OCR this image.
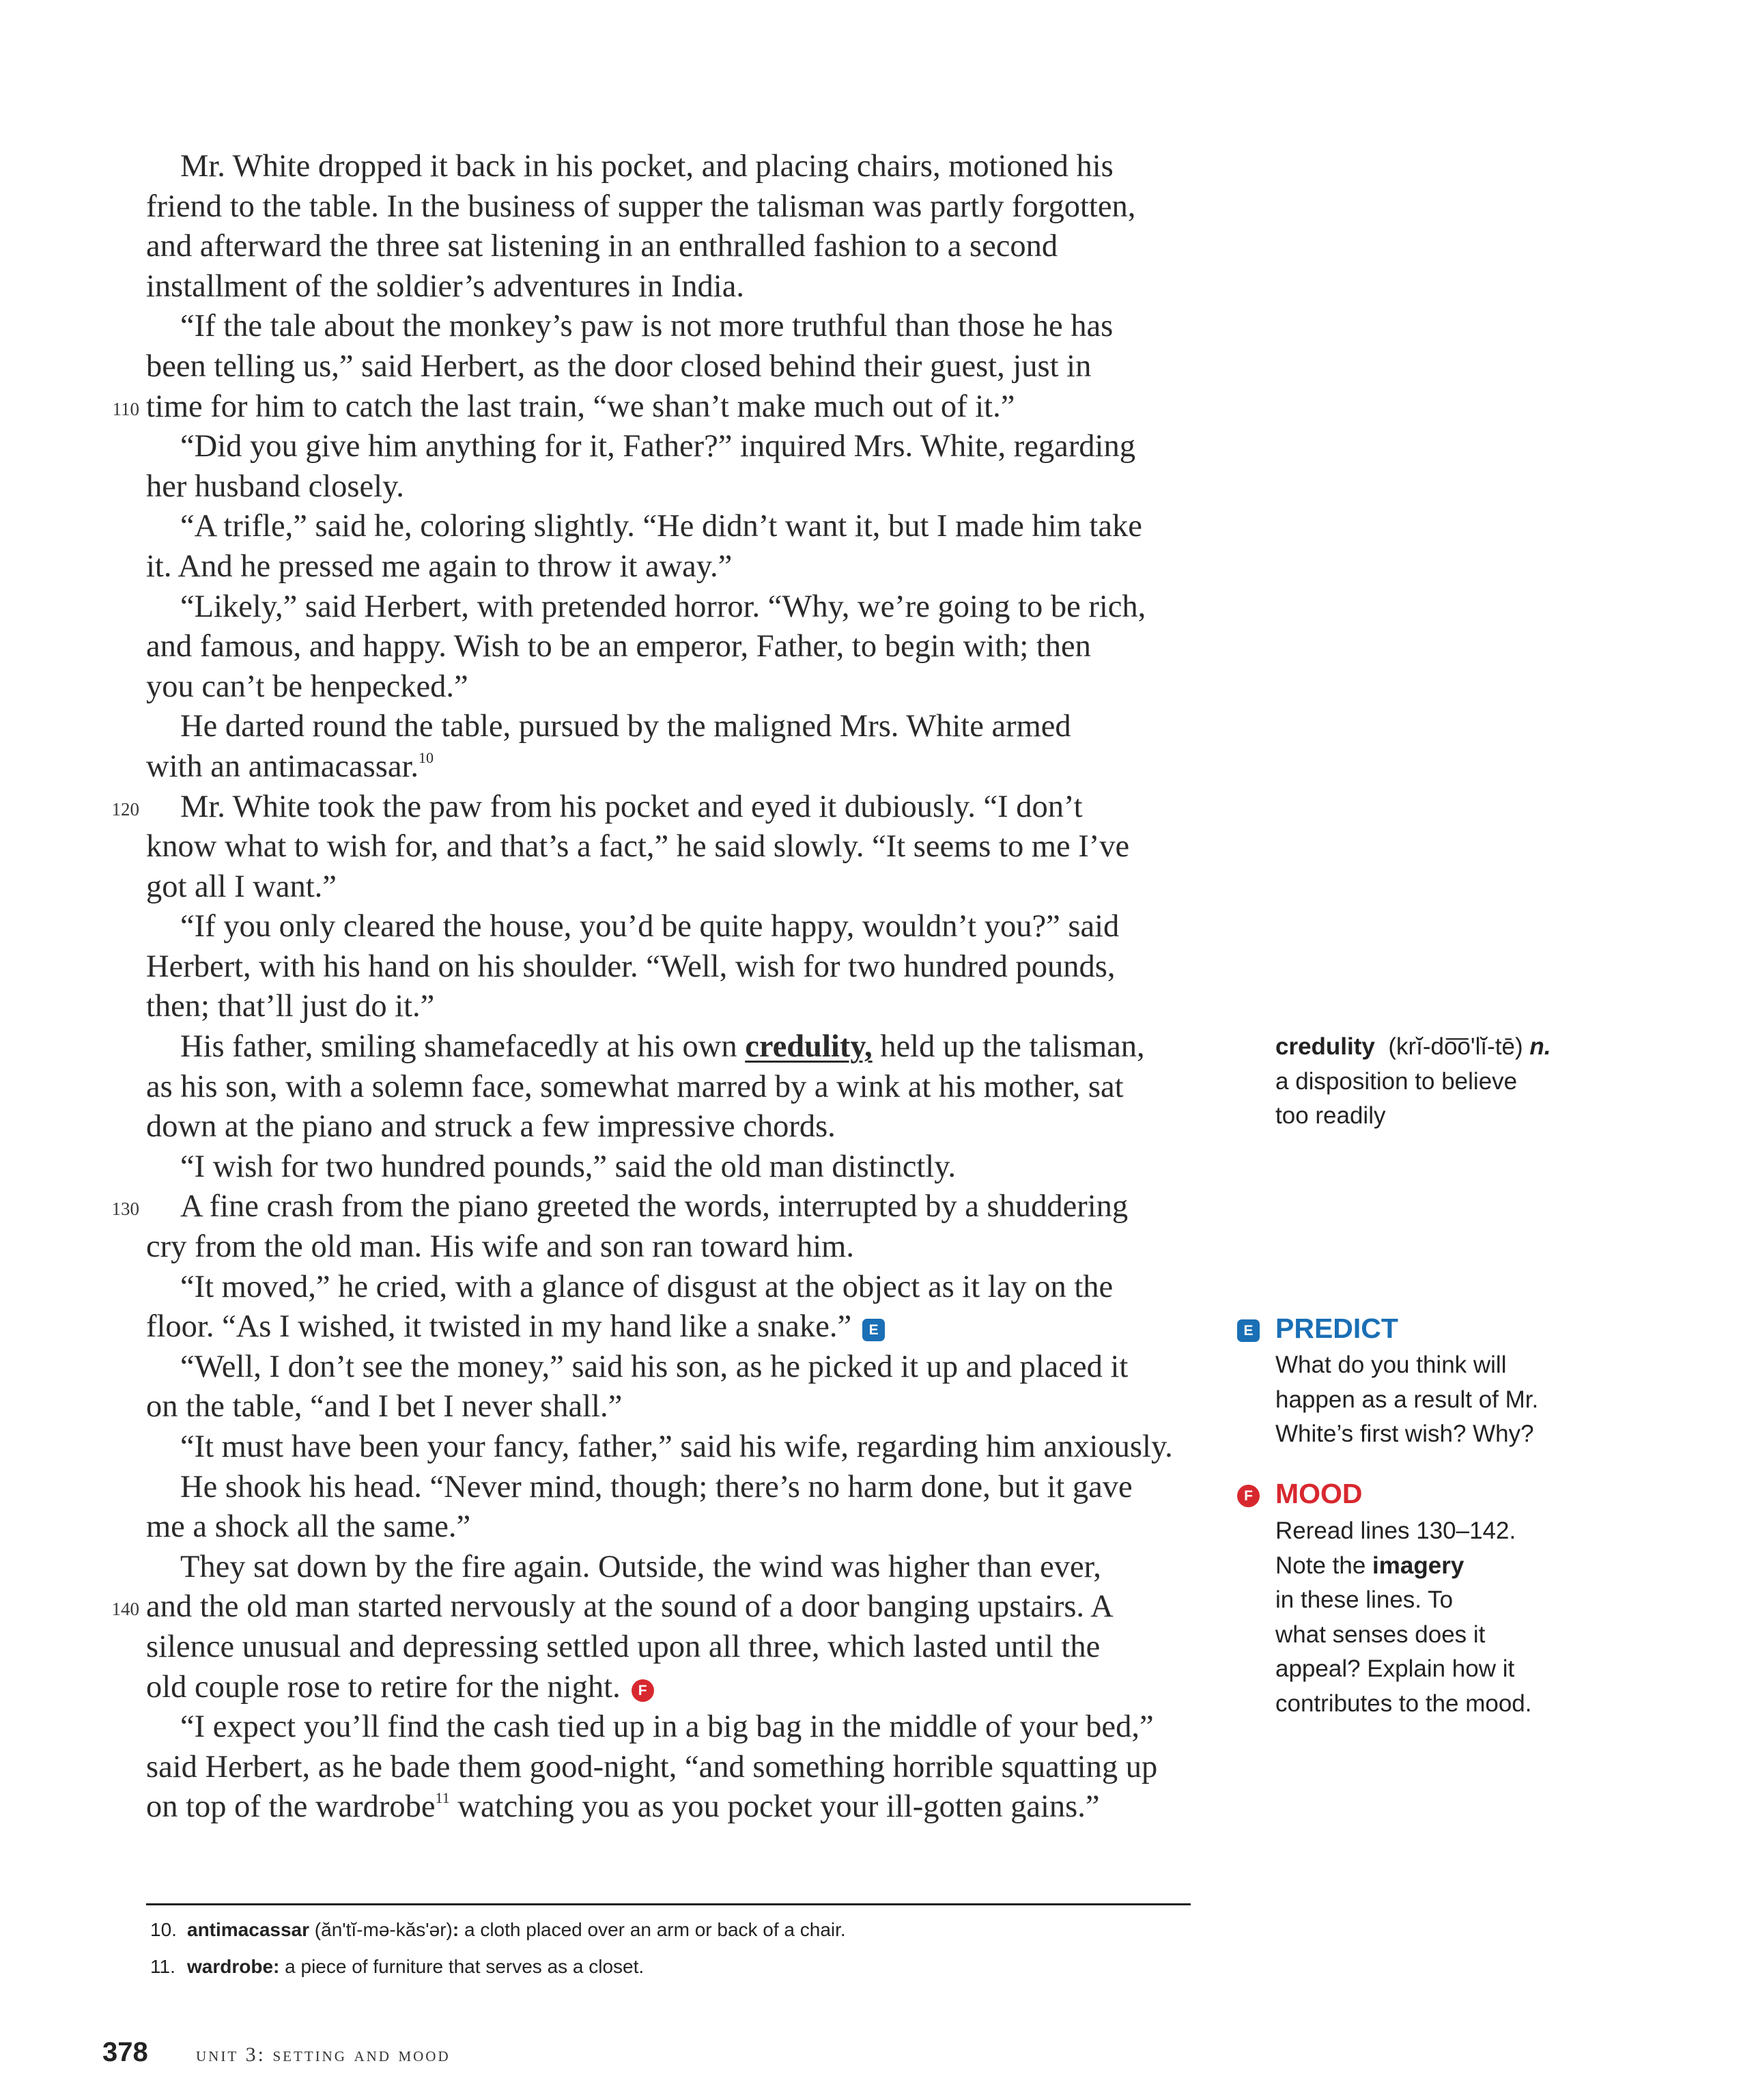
Mr. White dropped it back in his pocket, and placing chairs, motioned his
friend to the table. In the business of supper the talisman was partly forgotten,
and afterward the three sat listening in an enthralled fashion to a second
installment of the soldier’s adventures in India.
“If the tale about the monkey’s paw is not more truthful than those he has
been telling us,” said Herbert, as the door closed behind their guest, just in
110 time for him to catch the last train, “we shan’t make much out of it.”
“Did you give him anything for it, Father?” inquired Mrs. White, regarding
her husband closely.
“A trifle,” said he, coloring slightly. “He didn’t want it, but I made him take
it. And he pressed me again to throw it away.”
“Likely,” said Herbert, with pretended horror. “Why, we’re going to be rich,
and famous, and happy. Wish to be an emperor, Father, to begin with; then
you can’t be henpecked.”
He darted round the table, pursued by the maligned Mrs. White armed
with an antimacassar.$^{10}$
120 Mr. White took the paw from his pocket and eyed it dubiously. “I don’t
know what to wish for, and that’s a fact,” he said slowly. “It seems to me I’ve
got all I want.”
“If you only cleared the house, you’d be quite happy, wouldn’t you?” said
Herbert, with his hand on his shoulder. “Well, wish for two hundred pounds,
then; that’ll just do it.”
His father, smiling shamefacedly at his own credulity, held up the talisman,
as his son, with a solemn face, somewhat marred by a wink at his mother, sat
down at the piano and struck a few impressive chords.
“I wish for two hundred pounds,” said the old man distinctly.
130 A fine crash from the piano greeted the words, interrupted by a shuddering
cry from the old man. His wife and son ran toward him.
“It moved,” he cried, with a glance of disgust at the object as it lay on the
floor. “As I wished, it twisted in my hand like a snake.” E
“Well, I don’t see the money,” said his son, as he picked it up and placed it
on the table, “and I bet I never shall.”
“It must have been your fancy, father,” said his wife, regarding him anxiously.
He shook his head. “Never mind, though; there’s no harm done, but it gave
me a shock all the same.”
They sat down by the fire again. Outside, the wind was higher than ever,
140 and the old man started nervously at the sound of a door banging upstairs. A
silence unusual and depressing settled upon all three, which lasted until the
old couple rose to retire for the night. F
“I expect you’ll find the cash tied up in a big bag in the middle of your bed,”
said Herbert, as he bade them good-night, “and something horrible squatting up
on top of the wardrobe$^{11}$ watching you as you pocket your ill-gotten gains.”
credulity (krĭ-do͞oʹlĭ-tē) n.
a disposition to believe
too readily
E PREDICT
What do you think will
happen as a result of Mr.
White’s first wish? Why?
F MOOD
Reread lines 130–142.
Note the imagery
in these lines. To
what senses does it
appeal? Explain how it
contributes to the mood.
10. antimacassar (ănʹtĭ-mə-kăsʹər): a cloth placed over an arm or back of a chair.
11. wardrobe: a piece of furniture that serves as a closet.
378 unit 3: setting and mood
